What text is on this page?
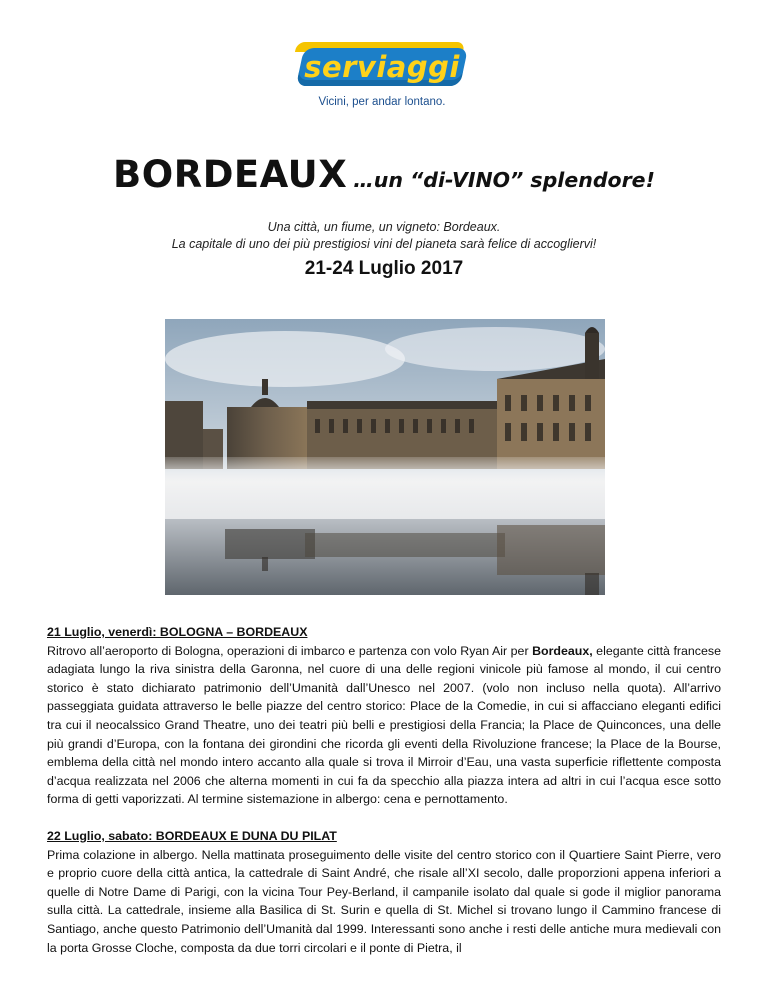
serviaggi
Vicini, per andar lontano.
BORDEAUX …un “di-VINO” splendore!
Una città, un fiume, un vigneto: Bordeaux.
La capitale di uno dei più prestigiosi vini del pianeta sarà felice di accogliervi!
21-24 Luglio 2017

21 Luglio, venerdì: BOLOGNA – BORDEAUX

Ritrovo all’aeroporto di Bologna, operazioni di imbarco e partenza con volo Ryan Air per Bordeaux, elegante città francese adagiata lungo la riva sinistra della Garonna, nel cuore di una delle regioni vinicole più famose al mondo, il cui centro storico è stato dichiarato patrimonio dell’Umanità dall’Unesco nel 2007. (volo non incluso nella quota). All’arrivo passeggiata guidata attraverso le belle piazze del centro storico: Place de la Comedie, in cui si affacciano eleganti edifici tra cui il neocalssico Grand Theatre, uno dei teatri più belli e prestigiosi della Francia; la Place de Quinconces, una delle più grandi d’Europa, con la fontana dei girondini che ricorda gli eventi della Rivoluzione francese; la Place de la Bourse, emblema della città nel mondo intero accanto alla quale si trova il Mirroir d’Eau, una vasta superficie riflettente composta d’acqua realizzata nel 2006 che alterna momenti in cui fa da specchio alla piazza intera ad altri in cui l’acqua esce sotto forma di getti vaporizzati. Al termine sistemazione in albergo: cena e pernottamento.

22 Luglio, sabato: BORDEAUX E DUNA DU PILAT

Prima colazione in albergo. Nella mattinata proseguimento delle visite del centro storico con il Quartiere Saint Pierre, vero e proprio cuore della città antica, la cattedrale di Saint André, che risale all’XI secolo, dalle proporzioni appena inferiori a quelle di Notre Dame di Parigi, con la vicina Tour Pey-Berland, il campanile isolato dal quale si gode il miglior panorama sulla città. La cattedrale, insieme alla Basilica di St. Surin e quella di St. Michel si trovano lungo il Cammino francese di Santiago, anche questo Patrimonio dell’Umanità dal 1999. Interessanti sono anche i resti delle antiche mura medievali con la porta Grosse Cloche, composta da due torri circolari e il ponte di Pietra, il
